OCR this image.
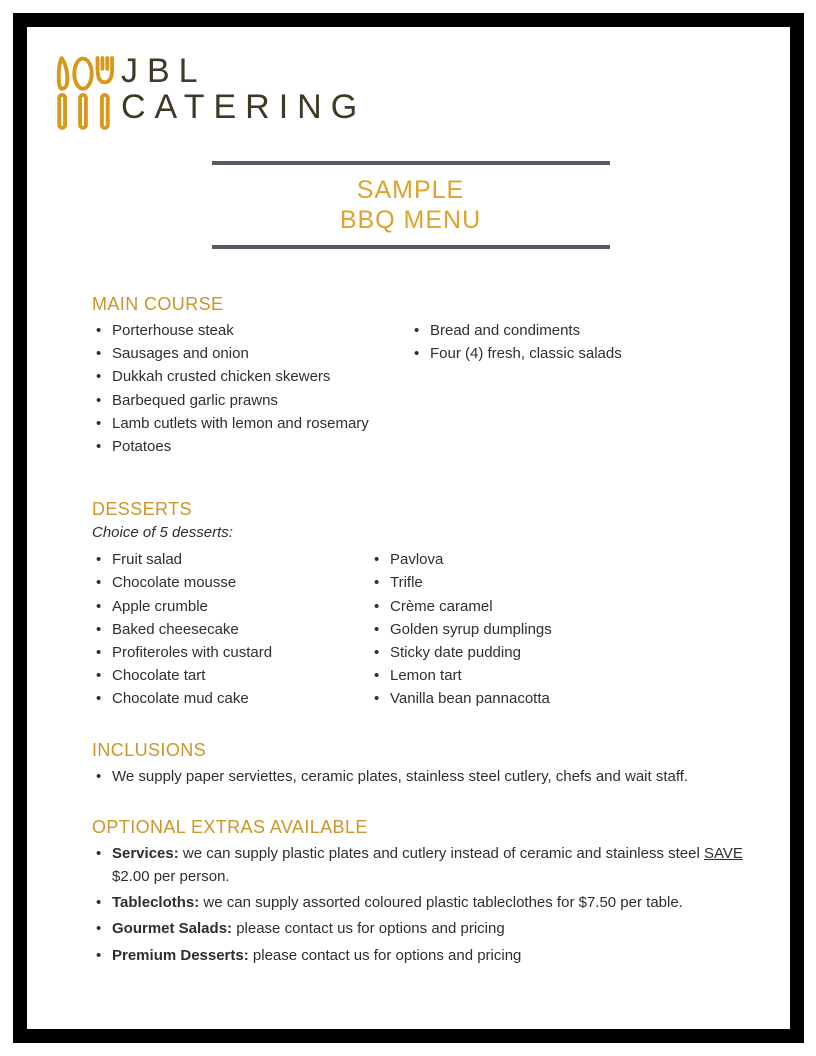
JBL
CATERING
SAMPLE
BBQ MENU
MAIN COURSE
• Porterhouse steak
• Sausages and onion
• Dukkah crusted chicken skewers
• Barbequed garlic prawns
• Lamb cutlets with lemon and rosemary
• Potatoes
• Bread and condiments
• Four (4) fresh, classic salads
DESSERTS

Choice of 5 desserts:

• Fruit salad
• Chocolate mousse
• Apple crumble
• Baked cheesecake
• Profiteroles with custard
• Chocolate tart
• Chocolate mud cake
• Pavlova
• Trifle
• Crème caramel
• Golden syrup dumplings
• Sticky date pudding
• Lemon tart
• Vanilla bean pannacotta
INCLUSIONS
• We supply paper serviettes, ceramic plates, stainless steel cutlery, chefs and wait staff.
OPTIONAL EXTRAS AVAILABLE
• Services: we can supply plastic plates and cutlery instead of ceramic and stainless steel SAVE $2.00 per person.
• Tablecloths: we can supply assorted coloured plastic tableclothes for $7.50 per table.
• Gourmet Salads: please contact us for options and pricing
• Premium Desserts: please contact us for options and pricing
